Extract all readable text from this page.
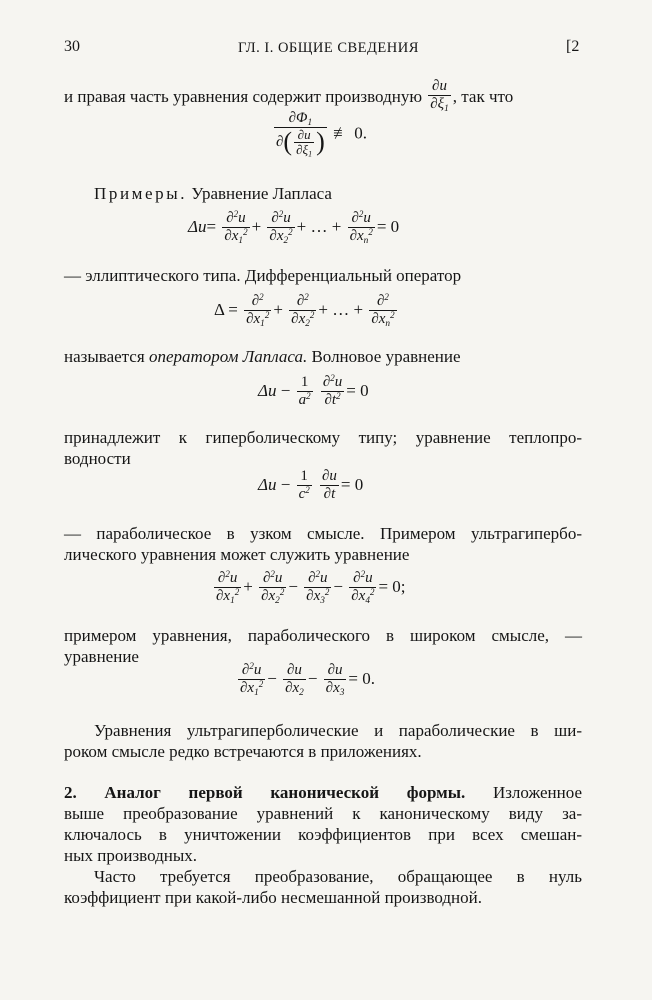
30	ГЛ. I. ОБЩИЕ СВЕДЕНИЯ	[2
и правая часть уравнения содержит производную $\frac{\partial u}{\partial\xi_1}$ , так что
$\frac{\partial\Phi_1}{\partial( \frac{\partial u}{\partial\xi_1} )}$ ≢ 0.
Примеры. Уравнение Лапласа
$\Delta u= \frac{\partial^2u}{\partial x_1^2} + \frac{\partial^2u}{\partial x_2^2}$ + … + $\frac{\partial^2u}{\partial x_n^2} = 0$
— эллиптического типа. Дифференциальный оператор
$\Delta = \frac{\partial^2}{\partial x_1^2} + \frac{\partial^2}{\partial x_2^2}$ + … + $\frac{\partial^2}{\partial x_n^2}$
называется оператором Лапласа. Волновое уравнение
$\Delta u - \frac{1}{a^2}$
$\frac{\partial^2u}{\partial t^2} = 0$
принадлежит к гиперболическому типу; уравнение теплопро-
водности
$\Delta u - \frac{1}{c^2}$
$\frac{\partial u}{\partial t} = 0$
— параболическое в узком смысле. Примером ультрагипербо-
лического уравнения может служить уравнение
$\frac{\partial^2u}{\partial x_1^2} + \frac{\partial^2u}{\partial x_2^2} - \frac{\partial^2u}{\partial x_3^2} - \frac{\partial^2u}{\partial x_4^2} = 0$;
примером уравнения, параболического в широком смысле, —
уравнение
$\frac{\partial^2u}{\partial x_1^2} - \frac{\partial u}{\partial x_2} - \frac{\partial u}{\partial x_3} = 0$.
Уравнения ультрагиперболические и параболические в ши-
роком смысле редко встречаются в приложениях.
2. Аналог первой канонической формы. Изложенное
выше преобразование уравнений к каноническому виду за-
ключалось в уничтожении коэффициентов при всех смешан-
ных производных.
Часто требуется преобразование, обращающее в нуль
коэффициент при какой-либо несмешанной производной.
